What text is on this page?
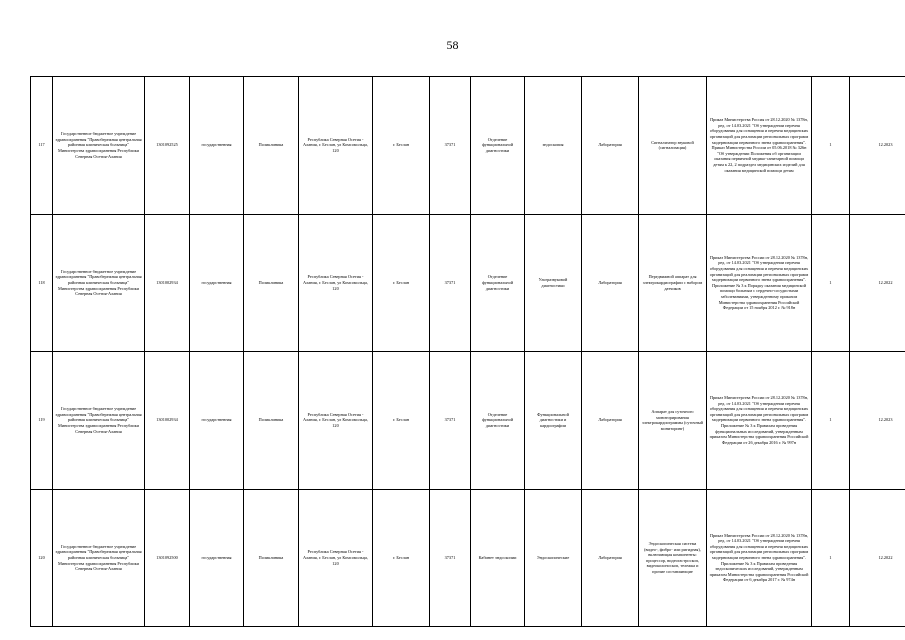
58
117	Государственное бюджетное учреждение здравоохранения "Правобережная центральная районная клиническая больница" Министерства здравоохранения Республики Северная Осетия-Алания	1301092525	государственная	Поликлиника	Республика Северная Осетия - Алания, г. Беслан, ул Комсомольца, 120	г. Беслан	37371	Отделение функциональной диагностики	эндоскопия	Лаборатория	Сигнализатор звуковой (сигнализация)	Приказ Министерства Россия от 28.12.2020 № 1378н, ред. от 14.03.2021 "Об утверждении перечня оборудования для оснащения и перечня медицинских организаций для реализации региональных программ модернизации первичного звена здравоохранения". Приказ Министерства России от 05.06.2018 № 326н "Об утверждении Положения об организации оказания первичной медико-санитарной помощи детям к 22, 2 подраздел медицинских изделий для оказания медицинской помощи детям	1	12.2023
118	Государственное бюджетное учреждение здравоохранения "Правобережная центральная районная клиническая больница" Министерства здравоохранения Республики Северная Осетия-Алания	1301002934	государственная	Поликлиника	Республика Северная Осетия - Алания, г. Беслан, ул Комсомольца, 120	г. Беслан	37371	Отделение функциональной диагностики	Ультразвуковой диагностики	Лаборатория	Передвижной аппарат для электрокардиографии с набором датчиков	Приказ Министерства России от 28.12.2020 № 1378н, ред. от 14.03.2021 "Об утверждении перечня оборудования для оснащения и перечня медицинских организаций для реализации региональных программ модернизации первичного звена здравоохранения". Приложение № 3 к Порядку оказания медицинской помощи больным с сердечно-сосудистыми заболеваниями, утвержденному приказом Министерства здравоохранения Российской Федерации от 15 ноября 2012 г. № 918н	1	12.2022
119	Государственное бюджетное учреждение здравоохранения "Правобережная центральная районная клиническая больница" Министерства здравоохранения Республики Северная Осетия-Алания	1301002934	государственная	Поликлиника	Республика Северная Осетия - Алания, г. Беслан, ул Комсомольца, 120	г. Беслан	37371	Отделение функциональной диагностики	Функциональной диагностики и кардиографии	Лаборатория	Аппарат для суточного мониторирования электрокардиограммы (суточный мониторинг)	Приказ Министерства России от 28.12.2020 № 1378н, ред. от 14.03.2021 "Об утверждении перечня оборудования для оснащения и перечня медицинских организаций для реализации региональных программ модернизации первичного звена здравоохранения". Приложение № 3 к Правилам проведения функциональных исследований, утвержденным приказом Министерства здравоохранения Российской Федерации от 26 декабря 2016 г. № 997н	1	12.2023
120	Государственное бюджетное учреждение здравоохранения "Правобережная центральная районная клиническая больница" Министерства здравоохранения Республики Северная Осетия-Алания	1301092500	государственная	Поликлиника	Республика Северная Осетия - Алания, г. Беслан, ул Комсомольца, 120	г. Беслан	37371	Кабинет эндоскопии	Эндоскопические	Лаборатория	Эндоскопическая система (видео-, фибро- или ригидная), включающая компоненты: процессор, видеогастроскоп, видеоколоноскоп, тележка и прочие составляющие	Приказ Министерства России от 28.12.2020 № 1378н, ред. от 14.03.2021 "Об утверждении перечня оборудования для оснащения и перечня медицинских организаций для реализации региональных программ модернизации первичного звена здравоохранения". Приложение № 3 к Правилам проведения эндоскопических исследований, утвержденным приказом Министерства здравоохранения Российской Федерации от 6 декабря 2017 г. № 974н	1	12.2022
